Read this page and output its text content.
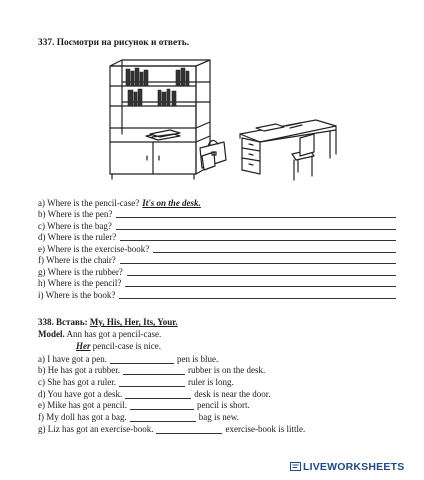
337. Посмотри на рисунок и ответь.
a) Where is the pencil-case? It's on the desk.
b) Where is the pen?
c) Where is the bag?
d) Where is the ruler?
e) Where is the exercise-book?
f) Where is the chair?
g) Where is the rubber?
h) Where is the pencil?
i) Where is the book?
338. Вставь: My, His, Her, Its, Your.
Model. Ann has got a pencil-case.
Her pencil-case is nice.
a) I have got a pen.	pen is blue.
b) He has got a rubber.	rubber is on the desk.
c) She has got a ruler.	ruler is long.
d) You have got a desk.	desk is near the door.
e) Mike has got a pencil.	pencil is short.
f) My doll has got a bag.	bag is new.
g) Liz has got an exercise-book.	exercise-book is little.
LIVEWORKSHEETS
